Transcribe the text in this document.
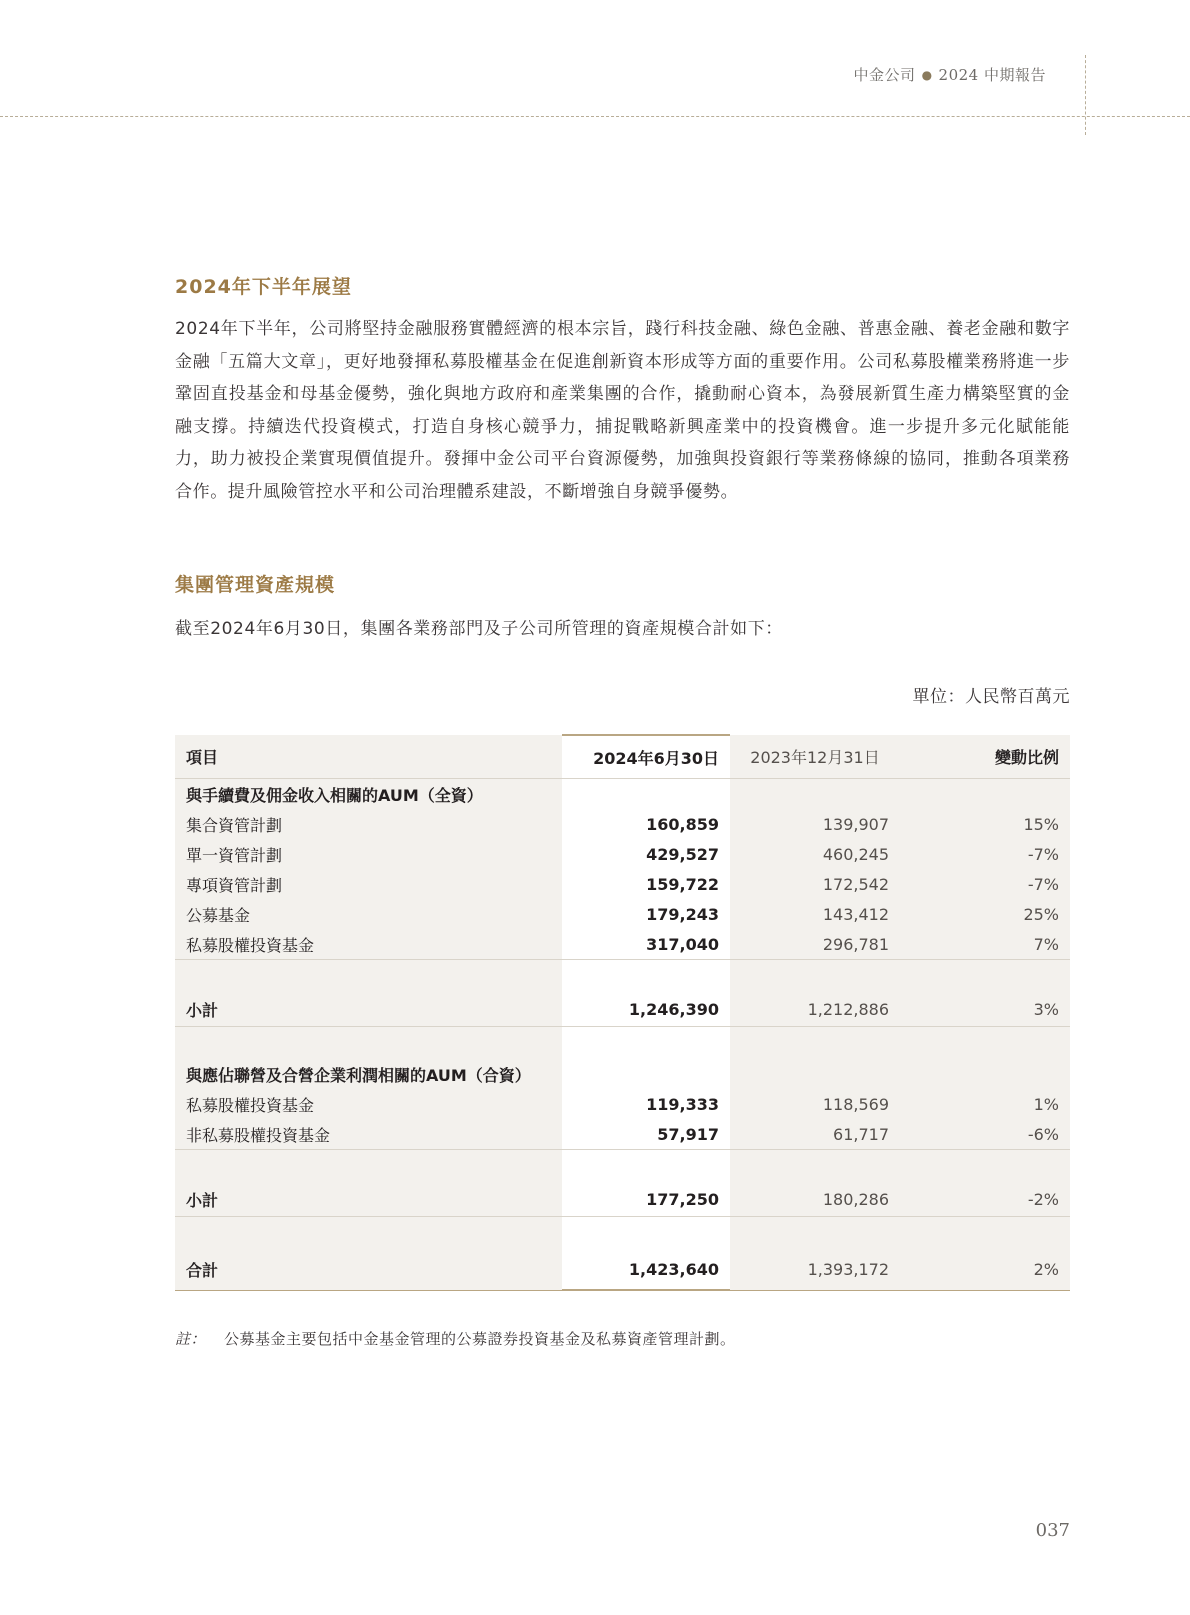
中金公司 ● 2024 中期報告
2024年下半年展望
2024年下半年，公司將堅持金融服務實體經濟的根本宗旨，踐行科技金融、綠色金融、普惠金融、養老金融和數字金融「五篇大文章」，更好地發揮私募股權基金在促進創新資本形成等方面的重要作用。公司私募股權業務將進一步鞏固直投基金和母基金優勢，強化與地方政府和產業集團的合作，撬動耐心資本，為發展新質生產力構築堅實的金融支撐。持續迭代投資模式，打造自身核心競爭力，捕捉戰略新興產業中的投資機會。進一步提升多元化賦能能力，助力被投企業實現價值提升。發揮中金公司平台資源優勢，加強與投資銀行等業務條線的協同，推動各項業務合作。提升風險管控水平和公司治理體系建設，不斷增強自身競爭優勢。
集團管理資產規模
截至2024年6月30日，集團各業務部門及子公司所管理的資產規模合計如下：
單位：人民幣百萬元
項目	2024年6月30日	2023年12月31日	變動比例
與手續費及佣金收入相關的AUM（全資）			
集合資管計劃	160,859	139,907	15%
單一資管計劃	429,527	460,245	-7%
專項資管計劃	159,722	172,542	-7%
公募基金	179,243	143,412	25%
私募股權投資基金	317,040	296,781	7%

小計	1,246,390	1,212,886	3%

與應佔聯營及合營企業利潤相關的AUM（合資）			
私募股權投資基金	119,333	118,569	1%
非私募股權投資基金	57,917	61,717	-6%

小計	177,250	180,286	-2%

合計	1,423,640	1,393,172	2%
註： 公募基金主要包括中金基金管理的公募證券投資基金及私募資產管理計劃。
037
